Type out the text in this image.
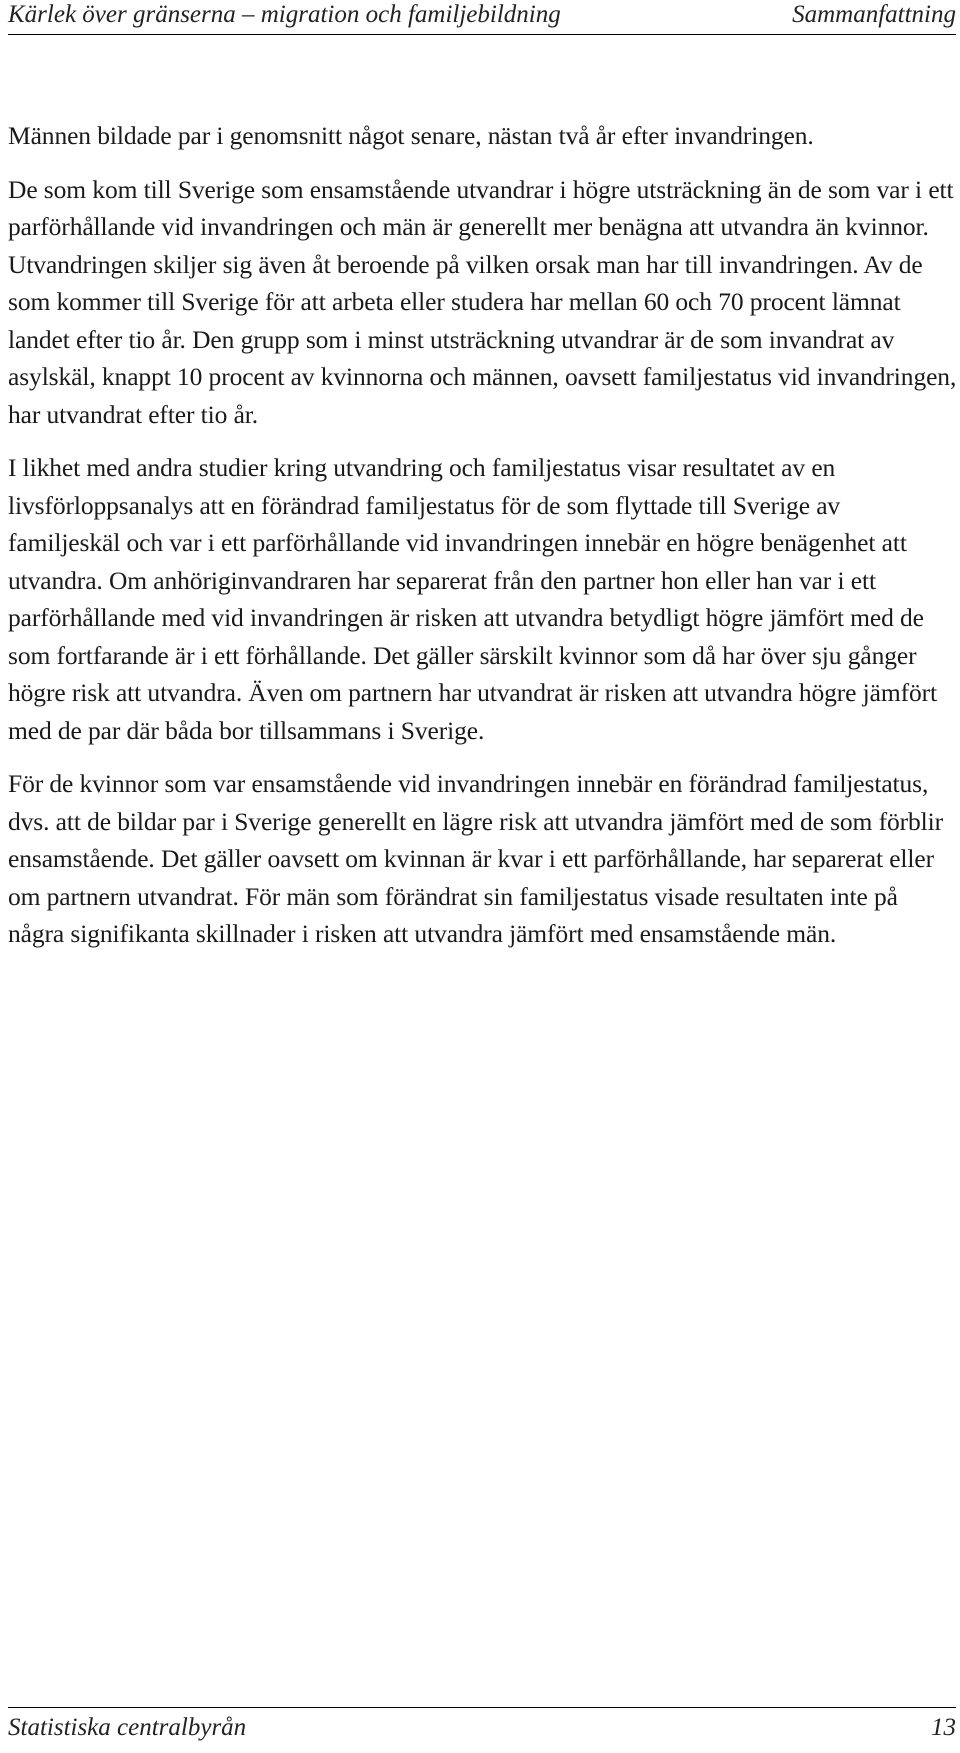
Kärlek över gränserna – migration och familjebildning	Sammanfattning

Männen bildade par i genomsnitt något senare, nästan två år efter invandringen.

De som kom till Sverige som ensamstående utvandrar i högre utsträckning än de som var i ett parförhållande vid invandringen och män är generellt mer benägna att utvandra än kvinnor. Utvandringen skiljer sig även åt beroende på vilken orsak man har till invandringen. Av de som kommer till Sverige för att arbeta eller studera har mellan 60 och 70 procent lämnat landet efter tio år. Den grupp som i minst utsträckning utvandrar är de som invandrat av asylskäl, knappt 10 procent av kvinnorna och männen, oavsett familjestatus vid invandringen, har utvandrat efter tio år.

I likhet med andra studier kring utvandring och familjestatus visar resultatet av en livsförloppsanalys att en förändrad familjestatus för de som flyttade till Sverige av familjeskäl och var i ett parförhållande vid invandringen innebär en högre benägenhet att utvandra. Om anhöriginvandraren har separerat från den partner hon eller han var i ett parförhållande med vid invandringen är risken att utvandra betydligt högre jämfört med de som fortfarande är i ett förhållande. Det gäller särskilt kvinnor som då har över sju gånger högre risk att utvandra. Även om partnern har utvandrat är risken att utvandra högre jämfört med de par där båda bor tillsammans i Sverige.

För de kvinnor som var ensamstående vid invandringen innebär en förändrad familjestatus, dvs. att de bildar par i Sverige generellt en lägre risk att utvandra jämfört med de som förblir ensamstående. Det gäller oavsett om kvinnan är kvar i ett parförhållande, har separerat eller om partnern utvandrat. För män som förändrat sin familjestatus visade resultaten inte på några signifikanta skillnader i risken att utvandra jämfört med ensamstående män.

Statistiska centralbyrån	13
